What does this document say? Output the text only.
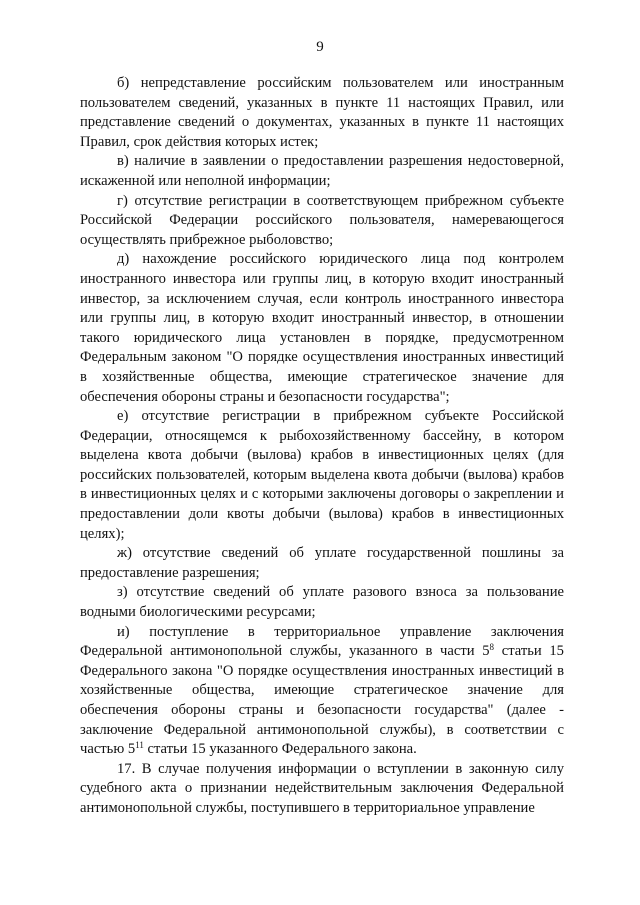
9

б) непредставление российским пользователем или иностранным пользователем сведений, указанных в пункте 11 настоящих Правил, или представление сведений о документах, указанных в пункте 11 настоящих Правил, срок действия которых истек;

в) наличие в заявлении о предоставлении разрешения недостоверной, искаженной или неполной информации;

г) отсутствие регистрации в соответствующем прибрежном субъекте Российской Федерации российского пользователя, намеревающегося осуществлять прибрежное рыболовство;

д) нахождение российского юридического лица под контролем иностранного инвестора или группы лиц, в которую входит иностранный инвестор, за исключением случая, если контроль иностранного инвестора или группы лиц, в которую входит иностранный инвестор, в отношении такого юридического лица установлен в порядке, предусмотренном Федеральным законом "О порядке осуществления иностранных инвестиций в хозяйственные общества, имеющие стратегическое значение для обеспечения обороны страны и безопасности государства";

е) отсутствие регистрации в прибрежном субъекте Российской Федерации, относящемся к рыбохозяйственному бассейну, в котором выделена квота добычи (вылова) крабов в инвестиционных целях (для российских пользователей, которым выделена квота добычи (вылова) крабов в инвестиционных целях и с которыми заключены договоры о закреплении и предоставлении доли квоты добычи (вылова) крабов в инвестиционных целях);

ж) отсутствие сведений об уплате государственной пошлины за предоставление разрешения;

з) отсутствие сведений об уплате разового взноса за пользование водными биологическими ресурсами;

и) поступление в территориальное управление заключения Федеральной антимонопольной службы, указанного в части $5^8$ статьи 15 Федерального закона "О порядке осуществления иностранных инвестиций в хозяйственные общества, имеющие стратегическое значение для обеспечения обороны страны и безопасности государства" (далее - заключение Федеральной антимонопольной службы), в соответствии с частью $5^{11}$ статьи 15 указанного Федерального закона.

17. В случае получения информации о вступлении в законную силу судебного акта о признании недействительным заключения Федеральной антимонопольной службы, поступившего в территориальное управление
